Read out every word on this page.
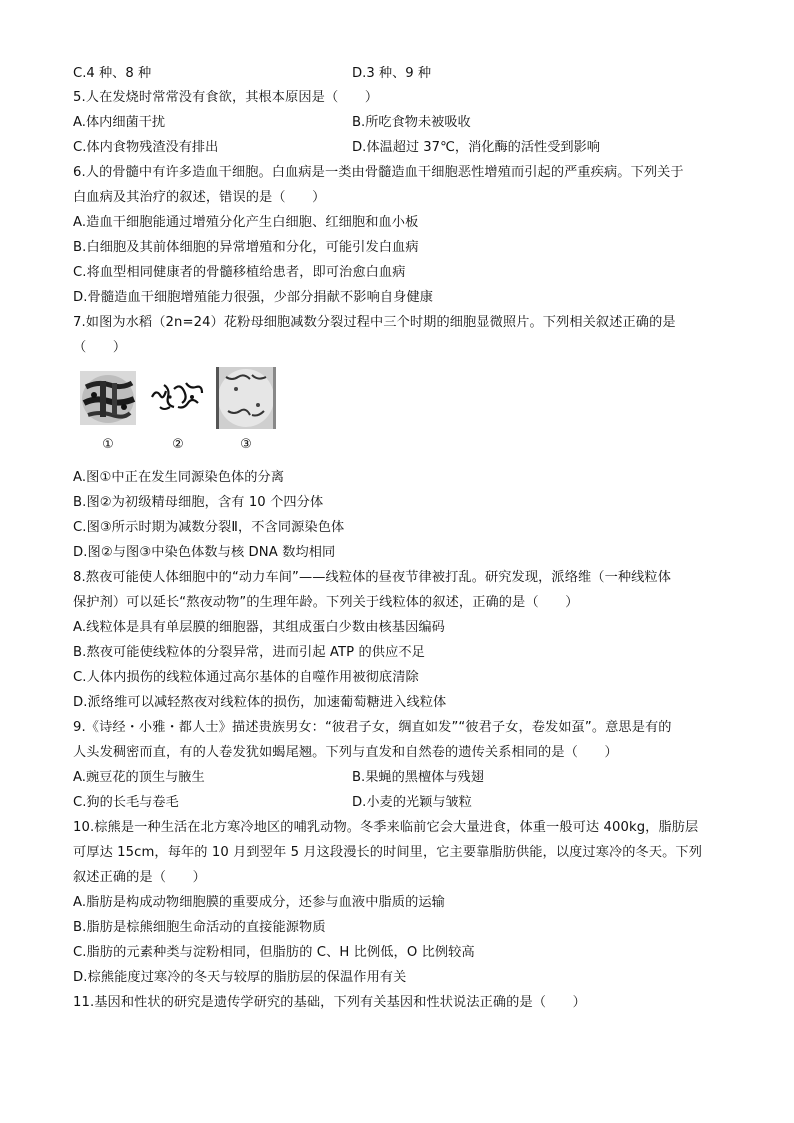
C.4 种、8 种	D.3 种、9 种
5.人在发烧时常常没有食欲，其根本原因是（　　）
A.体内细菌干扰	B.所吃食物未被吸收
C.体内食物残渣没有排出	D.体温超过 37℃，消化酶的活性受到影响
6.人的骨髓中有许多造血干细胞。白血病是一类由骨髓造血干细胞恶性增殖而引起的严重疾病。下列关于
白血病及其治疗的叙述，错误的是（　　）
A.造血干细胞能通过增殖分化产生白细胞、红细胞和血小板
B.白细胞及其前体细胞的异常增殖和分化，可能引发白血病
C.将血型相同健康者的骨髓移植给患者，即可治愈白血病
D.骨髓造血干细胞增殖能力很强，少部分捐献不影响自身健康
7.如图为水稻（2n=24）花粉母细胞减数分裂过程中三个时期的细胞显微照片。下列相关叙述正确的是
（　　）
①	②	③
A.图①中正在发生同源染色体的分离
B.图②为初级精母细胞，含有 10 个四分体
C.图③所示时期为减数分裂Ⅱ，不含同源染色体
D.图②与图③中染色体数与核 DNA 数均相同
8.熬夜可能使人体细胞中的“动力车间”——线粒体的昼夜节律被打乱。研究发现，派络维（一种线粒体
保护剂）可以延长“熬夜动物”的生理年龄。下列关于线粒体的叙述，正确的是（　　）
A.线粒体是具有单层膜的细胞器，其组成蛋白少数由核基因编码
B.熬夜可能使线粒体的分裂异常，进而引起 ATP 的供应不足
C.人体内损伤的线粒体通过高尔基体的自噬作用被彻底清除
D.派络维可以减轻熬夜对线粒体的损伤，加速葡萄糖进入线粒体
9.《诗经・小雅・都人士》描述贵族男女：“彼君子女，绸直如发”“彼君子女，卷发如虿”。意思是有的
人头发稠密而直，有的人卷发犹如蝎尾翘。下列与直发和自然卷的遗传关系相同的是（　　）
A.豌豆花的顶生与腋生	B.果蝇的黑檀体与残翅
C.狗的长毛与卷毛	D.小麦的光颖与皱粒
10.棕熊是一种生活在北方寒冷地区的哺乳动物。冬季来临前它会大量进食，体重一般可达 400kg，脂肪层
可厚达 15cm，每年的 10 月到翌年 5 月这段漫长的时间里，它主要靠脂肪供能，以度过寒冷的冬天。下列
叙述正确的是（　　）
A.脂肪是构成动物细胞膜的重要成分，还参与血液中脂质的运输
B.脂肪是棕熊细胞生命活动的直接能源物质
C.脂肪的元素种类与淀粉相同，但脂肪的 C、H 比例低，O 比例较高
D.棕熊能度过寒冷的冬天与较厚的脂肪层的保温作用有关
11.基因和性状的研究是遗传学研究的基础，下列有关基因和性状说法正确的是（　　）
